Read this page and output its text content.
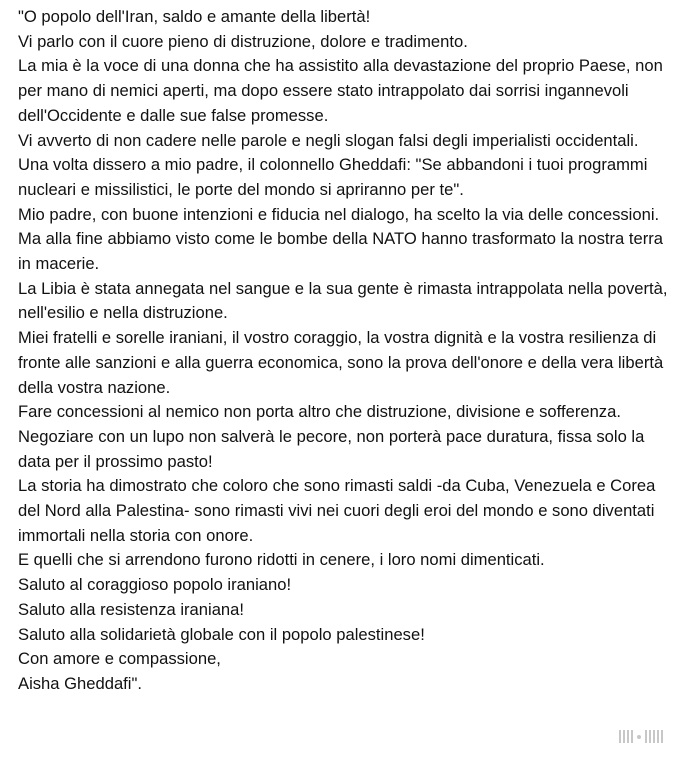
"O popolo dell'Iran, saldo e amante della libertà!

Vi parlo con il cuore pieno di distruzione, dolore e tradimento.

La mia è la voce di una donna che ha assistito alla devastazione del proprio Paese, non per mano di nemici aperti, ma dopo essere stato intrappolato dai sorrisi ingannevoli dell'Occidente e dalle sue false promesse.

Vi avverto di non cadere nelle parole e negli slogan falsi degli imperialisti occidentali.

Una volta dissero a mio padre, il colonnello Gheddafi: "Se abbandoni i tuoi programmi nucleari e missilistici, le porte del mondo si apriranno per te".

Mio padre, con buone intenzioni e fiducia nel dialogo, ha scelto la via delle concessioni.

Ma alla fine abbiamo visto come le bombe della NATO hanno trasformato la nostra terra in macerie.

La Libia è stata annegata nel sangue e la sua gente è rimasta intrappolata nella povertà, nell'esilio e nella distruzione.

Miei fratelli e sorelle iraniani, il vostro coraggio, la vostra dignità e la vostra resilienza di fronte alle sanzioni e alla guerra economica, sono la prova dell'onore e della vera libertà della vostra nazione.

Fare concessioni al nemico non porta altro che distruzione, divisione e sofferenza.

Negoziare con un lupo non salverà le pecore, non porterà pace duratura, fissa solo la data per il prossimo pasto!

La storia ha dimostrato che coloro che sono rimasti saldi -da Cuba, Venezuela e Corea del Nord alla Palestina- sono rimasti vivi nei cuori degli eroi del mondo e sono diventati immortali nella storia con onore.

E quelli che si arrendono furono ridotti in cenere, i loro nomi dimenticati.

Saluto al coraggioso popolo iraniano!

Saluto alla resistenza iraniana!

Saluto alla solidarietà globale con il popolo palestinese!

Con amore e compassione,

Aisha Gheddafi".
